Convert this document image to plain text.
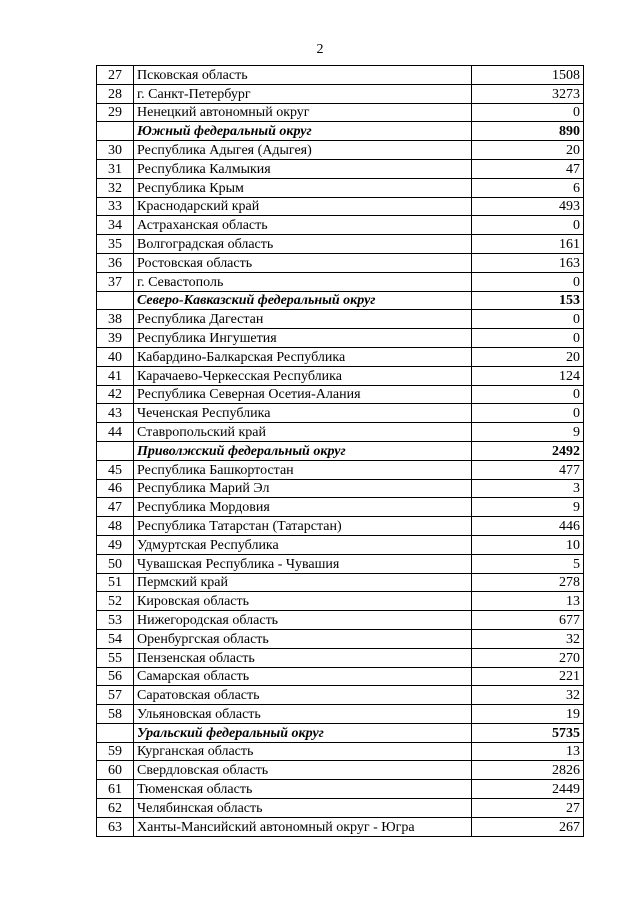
2
27	Псковская область	1508
28	г. Санкт-Петербург	3273
29	Ненецкий автономный округ	0
	Южный федеральный округ	890
30	Республика Адыгея (Адыгея)	20
31	Республика Калмыкия	47
32	Республика Крым	6
33	Краснодарский край	493
34	Астраханская область	0
35	Волгоградская область	161
36	Ростовская область	163
37	г. Севастополь	0
	Северо-Кавказский федеральный округ	153
38	Республика Дагестан	0
39	Республика Ингушетия	0
40	Кабардино-Балкарская Республика	20
41	Карачаево-Черкесская Республика	124
42	Республика Северная Осетия-Алания	0
43	Чеченская Республика	0
44	Ставропольский край	9
	Приволжский федеральный округ	2492
45	Республика Башкортостан	477
46	Республика Марий Эл	3
47	Республика Мордовия	9
48	Республика Татарстан (Татарстан)	446
49	Удмуртская Республика	10
50	Чувашская Республика - Чувашия	5
51	Пермский край	278
52	Кировская область	13
53	Нижегородская область	677
54	Оренбургская область	32
55	Пензенская область	270
56	Самарская область	221
57	Саратовская область	32
58	Ульяновская область	19
	Уральский федеральный округ	5735
59	Курганская область	13
60	Свердловская область	2826
61	Тюменская область	2449
62	Челябинская область	27
63	Ханты-Мансийский автономный округ - Югра	267
